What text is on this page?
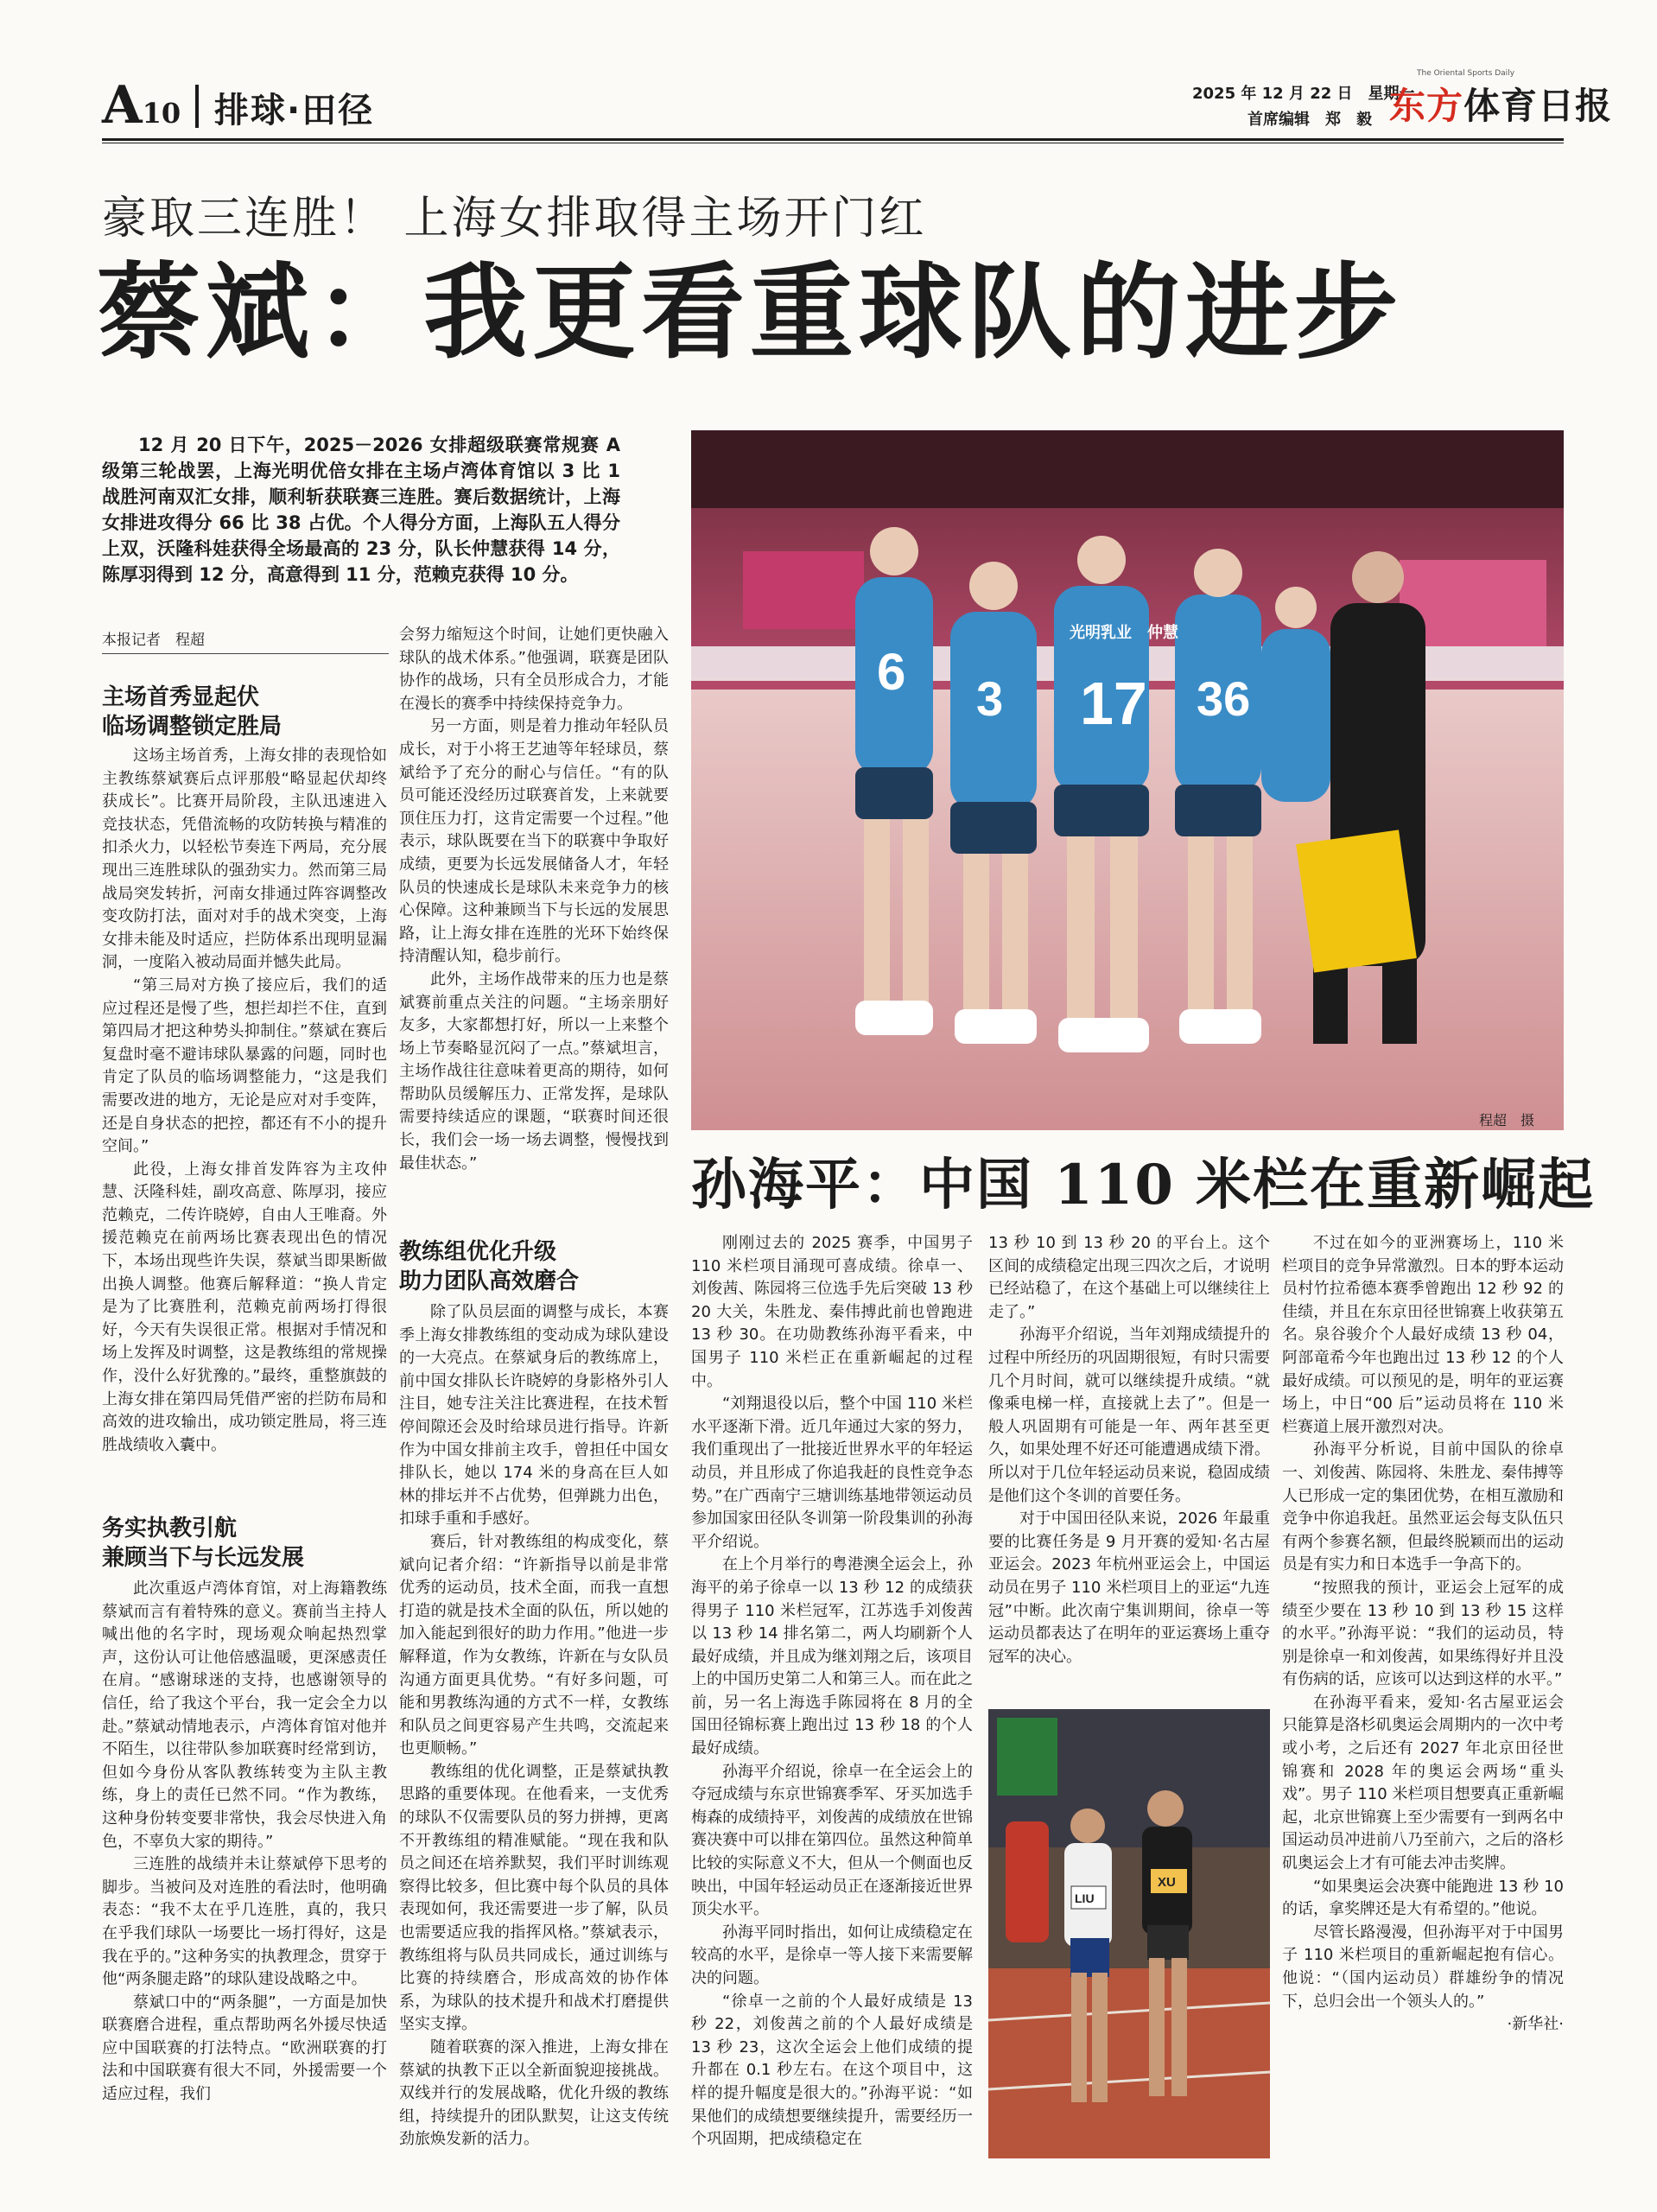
A10 排球·田径	2025 年 12 月 22 日　星期一
首席编辑　郑　毅
The Oriental Sports Daily
东方体育日报
豪取三连胜！ 上海女排取得主场开门红
蔡斌：我更看重球队的进步
12 月 20 日下午，2025－2026 女排超级联赛常规赛 A 级第三轮战罢，上海光明优倍女排在主场卢湾体育馆以 3 比 1 战胜河南双汇女排，顺利斩获联赛三连胜。赛后数据统计，上海女排进攻得分 66 比 38 占优。个人得分方面，上海队五人得分上双，沃隆科娃获得全场最高的 23 分，队长仲慧获得 14 分，陈厚羽得到 12 分，高意得到 11 分，范赖克获得 10 分。
本报记者　程超
主场首秀显起伏
临场调整锁定胜局

这场主场首秀，上海女排的表现恰如主教练蔡斌赛后点评那般“略显起伏却终获成长”。比赛开局阶段，主队迅速进入竞技状态，凭借流畅的攻防转换与精准的扣杀火力，以轻松节奏连下两局，充分展现出三连胜球队的强劲实力。然而第三局战局突发转折，河南女排通过阵容调整改变攻防打法，面对对手的战术突变，上海女排未能及时适应，拦防体系出现明显漏洞，一度陷入被动局面并憾失此局。

“第三局对方换了接应后，我们的适应过程还是慢了些，想拦却拦不住，直到第四局才把这种势头抑制住。”蔡斌在赛后复盘时毫不避讳球队暴露的问题，同时也肯定了队员的临场调整能力，“这是我们需要改进的地方，无论是应对对手变阵，还是自身状态的把控，都还有不小的提升空间。”

此役，上海女排首发阵容为主攻仲慧、沃隆科娃，副攻高意、陈厚羽，接应范赖克，二传许晓婷，自由人王唯裔。外援范赖克在前两场比赛表现出色的情况下，本场出现些许失误，蔡斌当即果断做出换人调整。他赛后解释道：“换人肯定是为了比赛胜利，范赖克前两场打得很好，今天有失误很正常。根据对手情况和场上发挥及时调整，这是教练组的常规操作，没什么好犹豫的。”最终，重整旗鼓的上海女排在第四局凭借严密的拦防布局和高效的进攻输出，成功锁定胜局，将三连胜战绩收入囊中。

务实执教引航
兼顾当下与长远发展

此次重返卢湾体育馆，对上海籍教练蔡斌而言有着特殊的意义。赛前当主持人喊出他的名字时，现场观众响起热烈掌声，这份认可让他倍感温暖，更深感责任在肩。“感谢球迷的支持，也感谢领导的信任，给了我这个平台，我一定会全力以赴。”蔡斌动情地表示，卢湾体育馆对他并不陌生，以往带队参加联赛时经常到访，但如今身份从客队教练转变为主队主教练，身上的责任已然不同。“作为教练，这种身份转变要非常快，我会尽快进入角色，不辜负大家的期待。”

三连胜的战绩并未让蔡斌停下思考的脚步。当被问及对连胜的看法时，他明确表态：“我不太在乎几连胜，真的，我只在乎我们球队一场要比一场打得好，这是我在乎的。”这种务实的执教理念，贯穿于他“两条腿走路”的球队建设战略之中。

蔡斌口中的“两条腿”，一方面是加快联赛磨合进程，重点帮助两名外援尽快适应中国联赛的打法特点。“欧洲联赛的打法和中国联赛有很大不同，外援需要一个适应过程，我们

会努力缩短这个时间，让她们更快融入球队的战术体系。”他强调，联赛是团队协作的战场，只有全员形成合力，才能在漫长的赛季中持续保持竞争力。

另一方面，则是着力推动年轻队员成长，对于小将王艺迪等年轻球员，蔡斌给予了充分的耐心与信任。“有的队员可能还没经历过联赛首发，上来就要顶住压力打，这肯定需要一个过程。”他表示，球队既要在当下的联赛中争取好成绩，更要为长远发展储备人才，年轻队员的快速成长是球队未来竞争力的核心保障。这种兼顾当下与长远的发展思路，让上海女排在连胜的光环下始终保持清醒认知，稳步前行。

此外，主场作战带来的压力也是蔡斌赛前重点关注的问题。“主场亲朋好友多，大家都想打好，所以一上来整个场上节奏略显沉闷了一点。”蔡斌坦言，主场作战往往意味着更高的期待，如何帮助队员缓解压力、正常发挥，是球队需要持续适应的课题，“联赛时间还很长，我们会一场一场去调整，慢慢找到最佳状态。”

教练组优化升级
助力团队高效磨合

除了队员层面的调整与成长，本赛季上海女排教练组的变动成为球队建设的一大亮点。在蔡斌身后的教练席上，前中国女排队长许晓婷的身影格外引人注目，她专注关注比赛进程，在技术暂停间隙还会及时给球员进行指导。许新作为中国女排前主攻手，曾担任中国女排队长，她以 174 米的身高在巨人如林的排坛并不占优势，但弹跳力出色，扣球手重和手感好。

赛后，针对教练组的构成变化，蔡斌向记者介绍：“许新指导以前是非常优秀的运动员，技术全面，而我一直想打造的就是技术全面的队伍，所以她的加入能起到很好的助力作用。”他进一步解释道，作为女教练，许新在与女队员沟通方面更具优势。“有好多问题，可能和男教练沟通的方式不一样，女教练和队员之间更容易产生共鸣，交流起来也更顺畅。”

教练组的优化调整，正是蔡斌执教思路的重要体现。在他看来，一支优秀的球队不仅需要队员的努力拼搏，更离不开教练组的精准赋能。“现在我和队员之间还在培养默契，我们平时训练观察得比较多，但比赛中每个队员的具体表现如何，我还需要进一步了解，队员也需要适应我的指挥风格。”蔡斌表示，教练组将与队员共同成长，通过训练与比赛的持续磨合，形成高效的协作体系，为球队的技术提升和战术打磨提供坚实支撑。

随着联赛的深入推进，上海女排在蔡斌的执教下正以全新面貌迎接挑战。双线并行的发展战略，优化升级的教练组，持续提升的团队默契，让这支传统劲旅焕发新的活力。

6 3 17 36
光明乳业　仲慧
程超　摄
孙海平：中国 110 米栏在重新崛起

刚刚过去的 2025 赛季，中国男子 110 米栏项目涌现可喜成绩。徐卓一、刘俊茜、陈园将三位选手先后突破 13 秒 20 大关，朱胜龙、秦伟搏此前也曾跑进 13 秒 30。在功勋教练孙海平看来，中国男子 110 米栏正在重新崛起的过程中。

“刘翔退役以后，整个中国 110 米栏水平逐渐下滑。近几年通过大家的努力，我们重现出了一批接近世界水平的年轻运动员，并且形成了你追我赶的良性竞争态势。”在广西南宁三塘训练基地带领运动员参加国家田径队冬训第一阶段集训的孙海平介绍说。

在上个月举行的粤港澳全运会上，孙海平的弟子徐卓一以 13 秒 12 的成绩获得男子 110 米栏冠军，江苏选手刘俊茜以 13 秒 14 排名第二，两人均刷新个人最好成绩，并且成为继刘翔之后，该项目上的中国历史第二人和第三人。而在此之前，另一名上海选手陈园将在 8 月的全国田径锦标赛上跑出过 13 秒 18 的个人最好成绩。

孙海平介绍说，徐卓一在全运会上的夺冠成绩与东京世锦赛季军、牙买加选手梅森的成绩持平，刘俊茜的成绩放在世锦赛决赛中可以排在第四位。虽然这种简单比较的实际意义不大，但从一个侧面也反映出，中国年轻运动员正在逐渐接近世界顶尖水平。

孙海平同时指出，如何让成绩稳定在较高的水平，是徐卓一等人接下来需要解决的问题。

“徐卓一之前的个人最好成绩是 13 秒 22，刘俊茜之前的个人最好成绩是 13 秒 23，这次全运会上他们成绩的提升都在 0.1 秒左右。在这个项目中，这样的提升幅度是很大的。”孙海平说：“如果他们的成绩想要继续提升，需要经历一个巩固期，把成绩稳定在

13 秒 10 到 13 秒 20 的平台上。这个区间的成绩稳定出现三四次之后，才说明已经站稳了，在这个基础上可以继续往上走了。”

孙海平介绍说，当年刘翔成绩提升的过程中所经历的巩固期很短，有时只需要几个月时间，就可以继续提升成绩。“就像乘电梯一样，直接就上去了”。但是一般人巩固期有可能是一年、两年甚至更久，如果处理不好还可能遭遇成绩下滑。所以对于几位年轻运动员来说，稳固成绩是他们这个冬训的首要任务。

对于中国田径队来说，2026 年最重要的比赛任务是 9 月开赛的爱知·名古屋亚运会。2023 年杭州亚运会上，中国运动员在男子 110 米栏项目上的亚运“九连冠”中断。此次南宁集训期间，徐卓一等运动员都表达了在明年的亚运赛场上重夺冠军的决心。

LIU
XU

不过在如今的亚洲赛场上，110 米栏项目的竞争异常激烈。日本的野本运动员村竹拉希德本赛季曾跑出 12 秒 92 的佳绩，并且在东京田径世锦赛上收获第五名。泉谷骏介个人最好成绩 13 秒 04，阿部竜希今年也跑出过 13 秒 12 的个人最好成绩。可以预见的是，明年的亚运赛场上，中日“00 后”运动员将在 110 米栏赛道上展开激烈对决。

孙海平分析说，目前中国队的徐卓一、刘俊茜、陈园将、朱胜龙、秦伟搏等人已形成一定的集团优势，在相互激励和竞争中你追我赶。虽然亚运会每支队伍只有两个参赛名额，但最终脱颖而出的运动员是有实力和日本选手一争高下的。

“按照我的预计，亚运会上冠军的成绩至少要在 13 秒 10 到 13 秒 15 这样的水平。”孙海平说：“我们的运动员，特别是徐卓一和刘俊茜，如果练得好并且没有伤病的话，应该可以达到这样的水平。”

在孙海平看来，爱知·名古屋亚运会只能算是洛杉矶奥运会周期内的一次中考或小考，之后还有 2027 年北京田径世锦赛和 2028 年的奥运会两场“重头戏”。男子 110 米栏项目想要真正重新崛起，北京世锦赛上至少需要有一到两名中国运动员冲进前八乃至前六，之后的洛杉矶奥运会上才有可能去冲击奖牌。

“如果奥运会决赛中能跑进 13 秒 10 的话，拿奖牌还是大有希望的。”他说。

尽管长路漫漫，但孙海平对于中国男子 110 米栏项目的重新崛起抱有信心。他说：“（国内运动员）群雄纷争的情况下，总归会出一个领头人的。”

·新华社·
